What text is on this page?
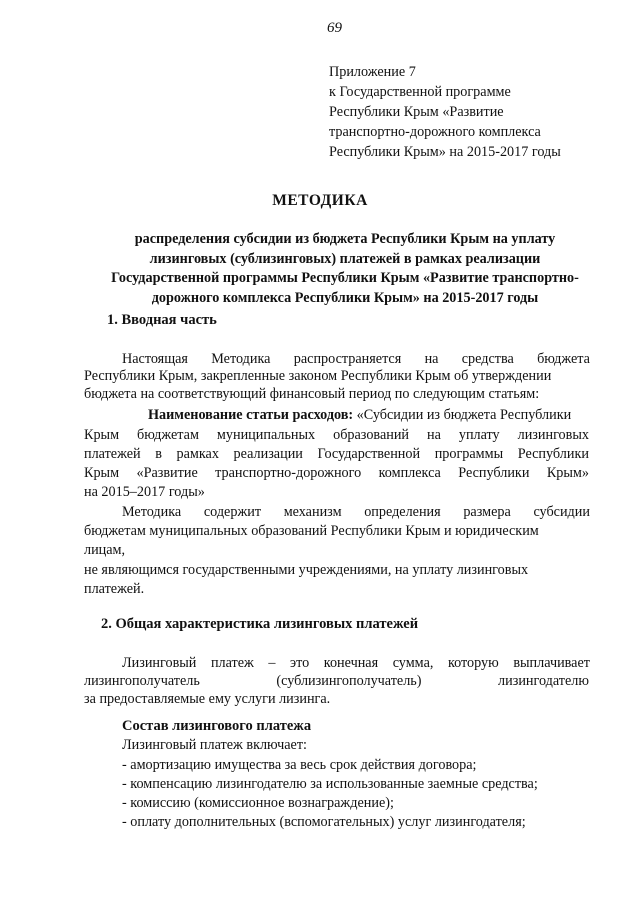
69
Приложение 7
к Государственной программе
Республики Крым «Развитие
транспортно-дорожного комплекса
Республики Крым» на 2015-2017 годы
МЕТОДИКА
распределения субсидии из бюджета Республики Крым на уплату
лизинговых (сублизинговых) платежей в рамках реализации
Государственной программы Республики Крым «Развитие транспортно-
дорожного комплекса Республики Крым» на 2015-2017 годы
1. Вводная часть
Настоящая Методика распространяется на средства бюджета
Республики Крым, закрепленные законом Республики Крым об утверждении
бюджета на соответствующий финансовый период по следующим статьям:
Наименование статьи расходов: «Субсидии из бюджета Республики
Крым бюджетам муниципальных образований на уплату лизинговых
платежей в рамках реализации Государственной программы Республики
Крым «Развитие транспортно-дорожного комплекса Республики Крым»
на 2015–2017 годы»
Методика содержит механизм определения размера субсидии
бюджетам муниципальных образований Республики Крым и юридическим
лицам,
не являющимся государственными учреждениями, на уплату лизинговых
платежей.
2. Общая характеристика лизинговых платежей
Лизинговый платеж – это конечная сумма, которую выплачивает
лизингополучатель	(сублизингополучатель)	лизингодателю
за предоставляемые ему услуги лизинга.
Состав лизингового платежа
Лизинговый платеж включает:
- амортизацию имущества за весь срок действия договора;
- компенсацию лизингодателю за использованные заемные средства;
- комиссию (комиссионное вознаграждение);
- оплату дополнительных (вспомогательных) услуг лизингодателя;
